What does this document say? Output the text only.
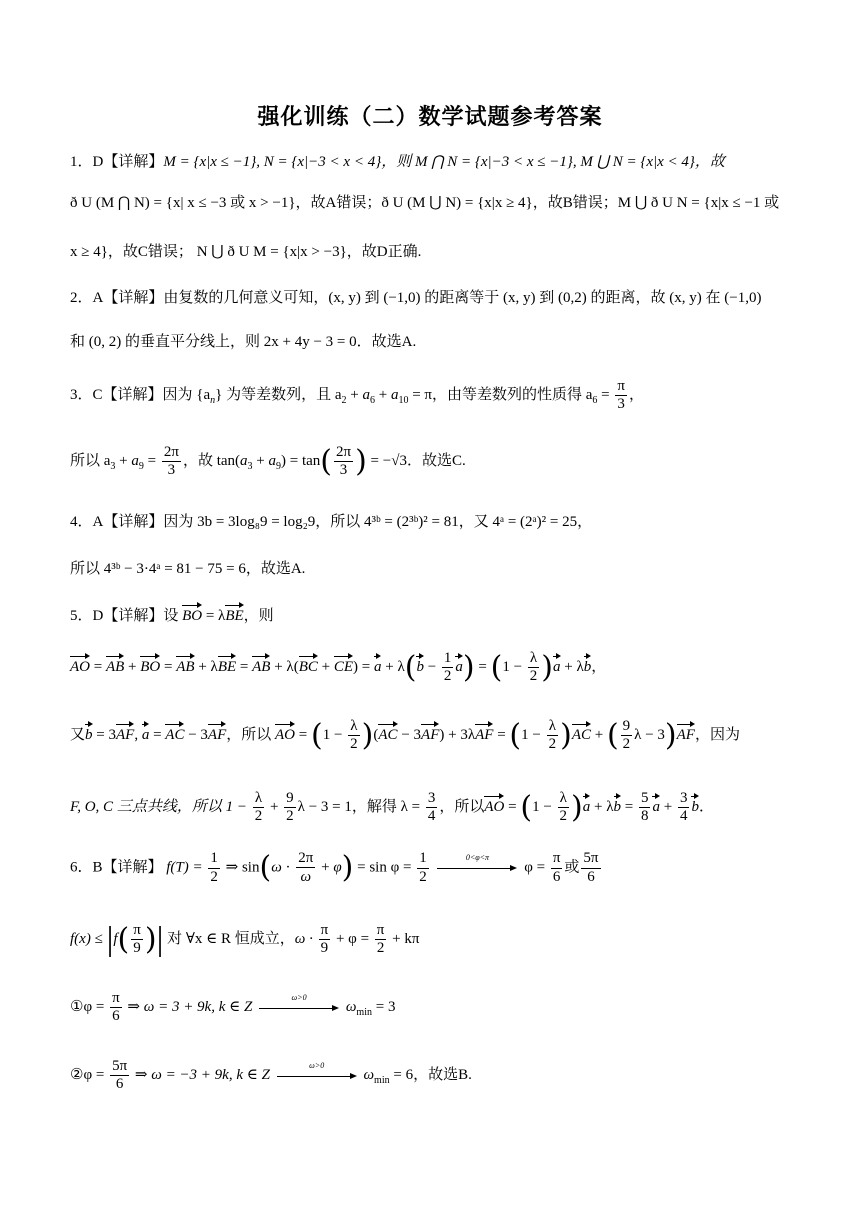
强化训练（二）数学试题参考答案
1．D【详解】M = {x|x ≤ −1}, N = {x|−3 < x < 4}，则 M ⋂ N = {x|−3 < x ≤ −1}, M ⋃ N = {x|x < 4}，故
ð U (M ⋂ N) = {x| x ≤ −3 或 x > −1}，故A错误；ð U (M ⋃ N) = {x|x ≥ 4}，故B错误；M ⋃ ð U N = {x|x ≤ −1 或
x ≥ 4}，故C错误； N ⋃ ð U M = {x|x > −3}，故D正确.
2．A【详解】由复数的几何意义可知，(x, y) 到 (−1,0) 的距离等于 (x, y) 到 (0,2) 的距离，故 (x, y) 在 (−1,0)
和 (0, 2) 的垂直平分线上，则 2x + 4y − 3 = 0．故选A.
3．C【详解】因为 $\{a_n\}$ 为等差数列，且 $a_2 + a_6 + a_{10} = \pi$，由等差数列的性质得 $a_6 = \frac{\pi}{3}$ ，
所以 $a_3 + a_9 = \frac{2\pi}{3}$ ，故 $\tan(a_3 + a_9) = \tan( \frac{2\pi}{3}$ ) = −√3．故选C.
4．A【详解】因为 3b = 3log₈9 = log₂9，所以 4³ᵇ = (2³ᵇ)² = 81，又 4ᵃ = (2ᵃ)² = 25，
所以 4³ᵇ − 3·4ᵃ = 81 − 75 = 6，故选A.
5．D【详解】设 BO = λBE，则
AO = AB + BO = AB + λBE = AB + $\lambda(BC + CE) = a + \lambda(b - \frac{1}{2} a) = (1 - \frac{\lambda}{2} )a + \lambda b$，
又b = 3AF, a = AC − 3AF，所以 AO = $(1 - \frac{\lambda}{2} )(AC - 3AF) + 3\lambda AF = (1 - \frac{\lambda}{2} )AC$ + ( $\frac{9}{2}$ λ − 3)AF，因为
F, O, C 三点共线，所以 $1 - \frac{\lambda}{2} + \frac{9}{2}$ λ − 3 = 1，解得 $\lambda = \frac{3}{4}$ ，所以AO = $(1 - \frac{\lambda}{2} )a + \lambda b = \frac{5}{8}$ $a + \frac{3}{4}$ b．
6．B【详解】 $f(T) = \frac{1}{2}$ ⇒ $\sin(\omega \cdot \frac{2\pi}{\omega} + \varphi) = \sin \varphi = \frac{1}{2}$
	0<φ<π
$\varphi = \frac{\pi}{6}$ 或 $\frac{5\pi}{6}$
$f(x) \le |f( \frac{\pi}{9}$ )| 对 ∀x ∈ R 恒成立，$\omega \cdot \frac{\pi}{9} + \varphi = \frac{\pi}{2} + k\pi$
①φ = $\frac{\pi}{6}$ ⇒ ω = 3 + 9k, k ∈ Z
ω>0
$\omega_{min} = 3$
②φ = $\frac{5\pi}{6}$ ⇒ ω = −3 + 9k, k ∈ Z
ω>0
$\omega_{min} = 6$，故选B.
